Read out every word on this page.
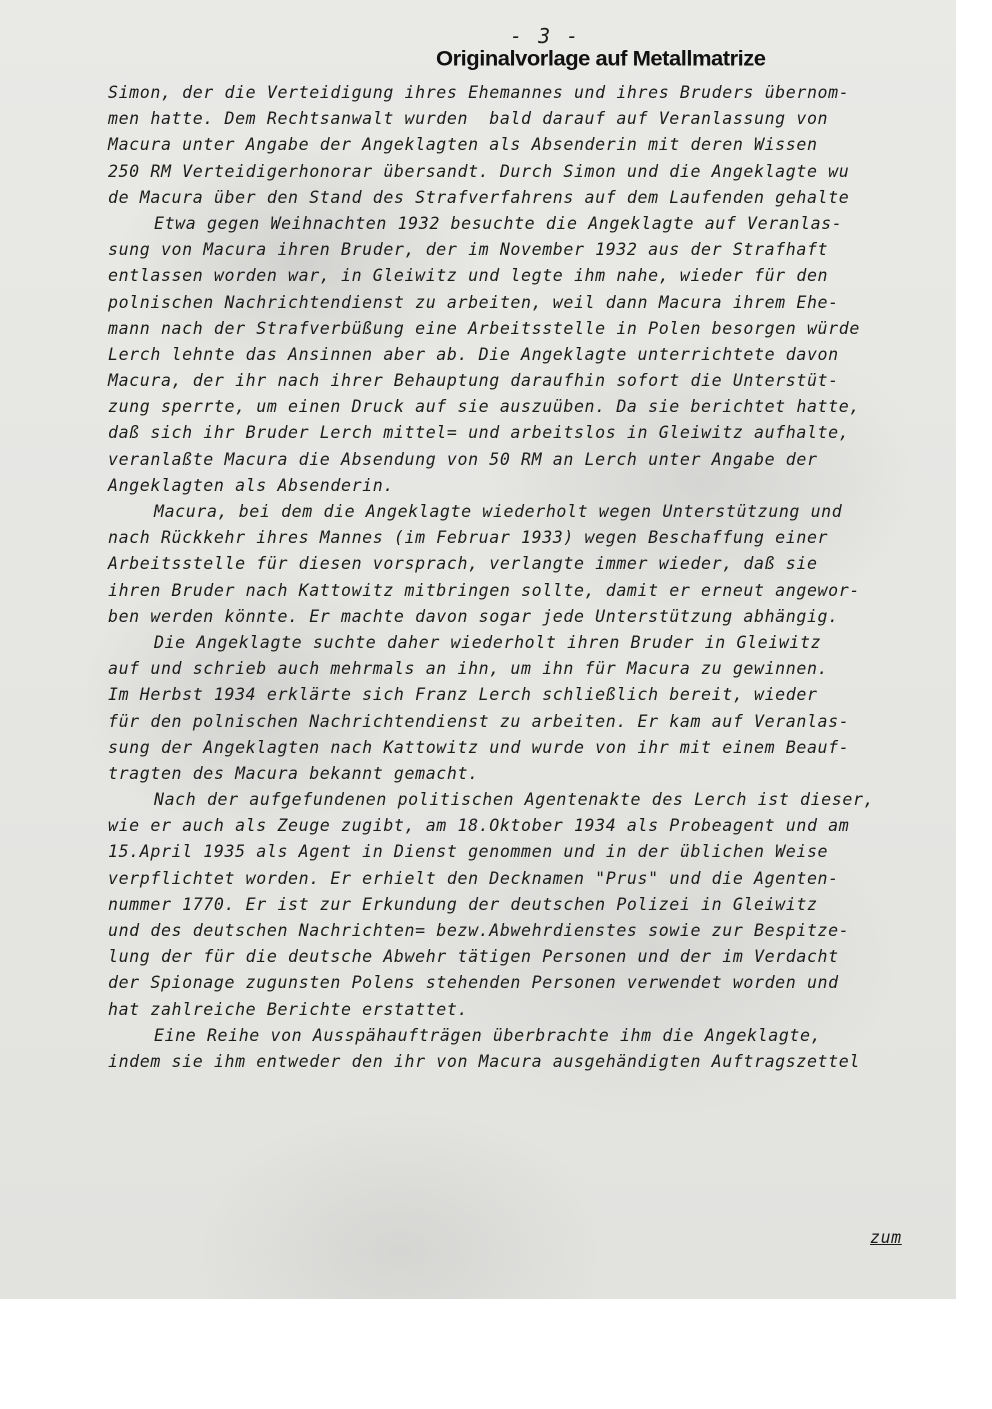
- 3 -
Originalvorlage auf Metallmatrize
Simon, der die Verteidigung ihres Ehemannes und ihres Bruders übernom-
men hatte. Dem Rechtsanwalt wurden  bald darauf auf Veranlassung von
Macura unter Angabe der Angeklagten als Absenderin mit deren Wissen
250 RM Verteidigerhonorar übersandt. Durch Simon und die Angeklagte wu
de Macura über den Stand des Strafverfahrens auf dem Laufenden gehalte
Etwa gegen Weihnachten 1932 besuchte die Angeklagte auf Veranlas-
sung von Macura ihren Bruder, der im November 1932 aus der Strafhaft
entlassen worden war, in Gleiwitz und legte ihm nahe, wieder für den
polnischen Nachrichtendienst zu arbeiten, weil dann Macura ihrem Ehe-
mann nach der Strafverbüßung eine Arbeitsstelle in Polen besorgen würde
Lerch lehnte das Ansinnen aber ab. Die Angeklagte unterrichtete davon
Macura, der ihr nach ihrer Behauptung daraufhin sofort die Unterstüt-
zung sperrte, um einen Druck auf sie auszuüben. Da sie berichtet hatte,
daß sich ihr Bruder Lerch mittel= und arbeitslos in Gleiwitz aufhalte,
veranlaßte Macura die Absendung von 50 RM an Lerch unter Angabe der
Angeklagten als Absenderin.
Macura, bei dem die Angeklagte wiederholt wegen Unterstützung und
nach Rückkehr ihres Mannes (im Februar 1933) wegen Beschaffung einer
Arbeitsstelle für diesen vorsprach, verlangte immer wieder, daß sie
ihren Bruder nach Kattowitz mitbringen sollte, damit er erneut angewor-
ben werden könnte. Er machte davon sogar jede Unterstützung abhängig.
Die Angeklagte suchte daher wiederholt ihren Bruder in Gleiwitz
auf und schrieb auch mehrmals an ihn, um ihn für Macura zu gewinnen.
Im Herbst 1934 erklärte sich Franz Lerch schließlich bereit, wieder
für den polnischen Nachrichtendienst zu arbeiten. Er kam auf Veranlas-
sung der Angeklagten nach Kattowitz und wurde von ihr mit einem Beauf-
tragten des Macura bekannt gemacht.
Nach der aufgefundenen politischen Agentenakte des Lerch ist dieser,
wie er auch als Zeuge zugibt, am 18.Oktober 1934 als Probeagent und am
15.April 1935 als Agent in Dienst genommen und in der üblichen Weise
verpflichtet worden. Er erhielt den Decknamen "Prus" und die Agenten-
nummer 1770. Er ist zur Erkundung der deutschen Polizei in Gleiwitz
und des deutschen Nachrichten= bezw.Abwehrdienstes sowie zur Bespitze-
lung der für die deutsche Abwehr tätigen Personen und der im Verdacht
der Spionage zugunsten Polens stehenden Personen verwendet worden und
hat zahlreiche Berichte erstattet.
Eine Reihe von Ausspähaufträgen überbrachte ihm die Angeklagte,
indem sie ihm entweder den ihr von Macura ausgehändigten Auftragszettel
zum
